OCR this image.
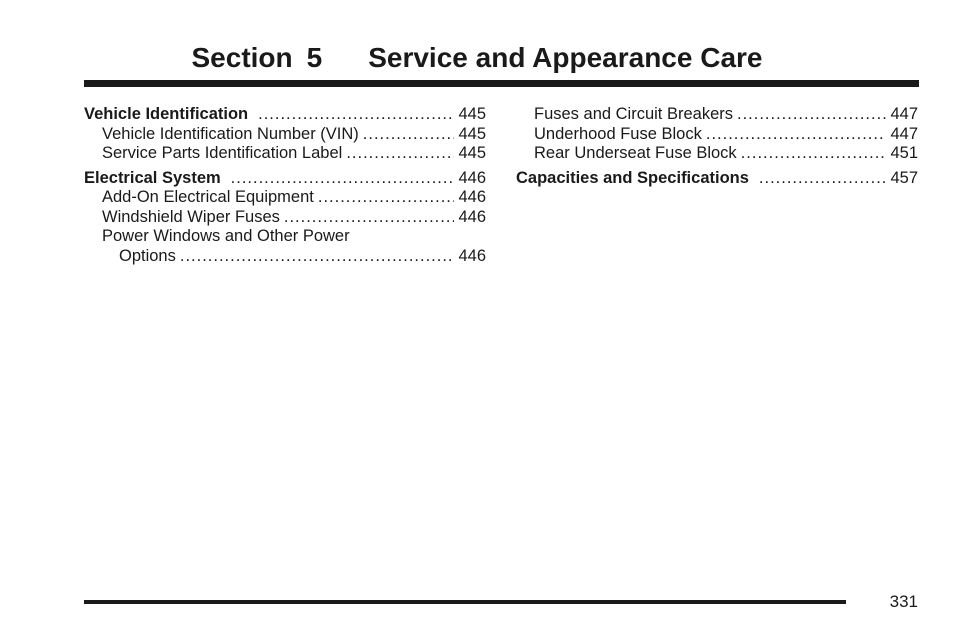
Section 5 Service and Appearance Care
Vehicle Identification .....	445
Vehicle Identification Number (VIN) .....	445
Service Parts Identification Label .....	445
Electrical System .....	446
Add-On Electrical Equipment .....	446
Windshield Wiper Fuses .....	446
Power Windows and Other Power
Options .....	446
Fuses and Circuit Breakers .....	447
Underhood Fuse Block .....	447
Rear Underseat Fuse Block .....	451
Capacities and Specifications .....	457
331
